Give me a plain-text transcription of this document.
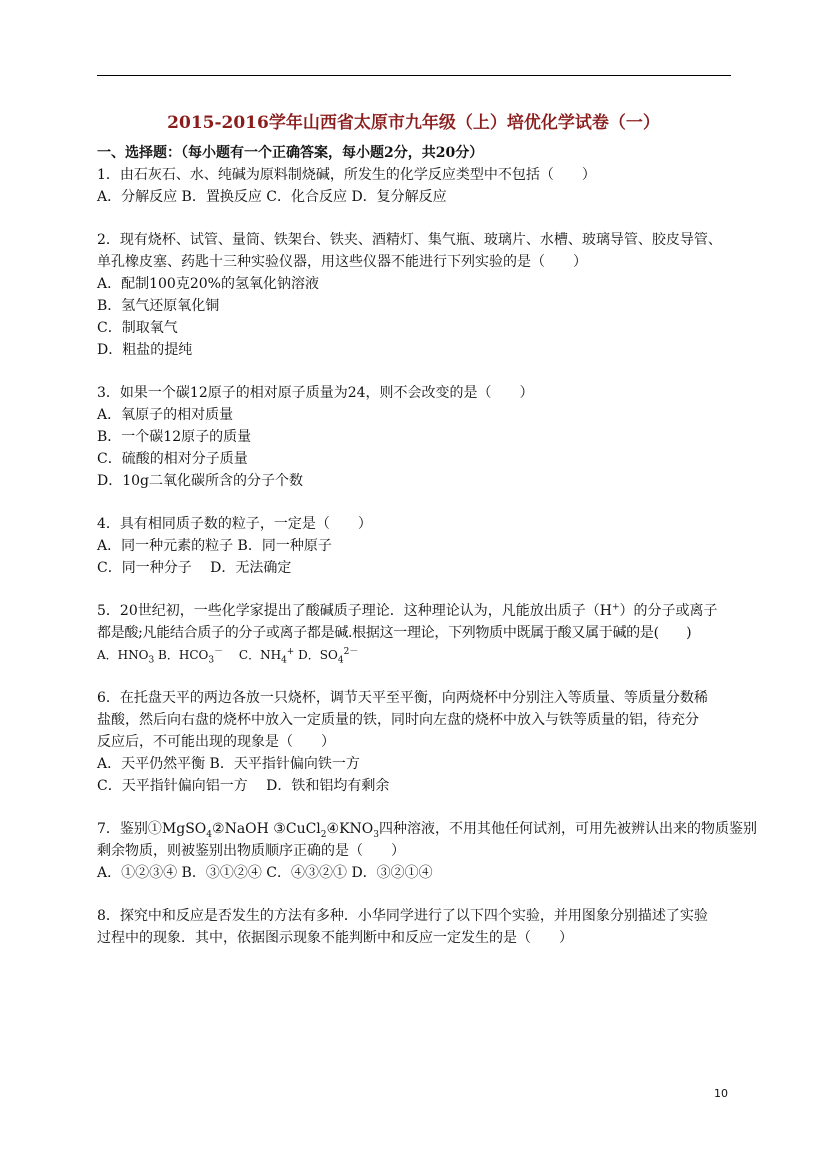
2015-2016学年山西省太原市九年级（上）培优化学试卷（一）
一、选择题：（每小题有一个正确答案，每小题2分，共20分）
1．由石灰石、水、纯碱为原料制烧碱，所发生的化学反应类型中不包括（　　）
A．分解反应 B．置换反应 C．化合反应 D．复分解反应
2．现有烧杯、试管、量筒、铁架台、铁夹、酒精灯、集气瓶、玻璃片、水槽、玻璃导管、胶皮导管、
单孔橡皮塞、药匙十三种实验仪器，用这些仪器不能进行下列实验的是（　　）
A．配制100克20%的氢氧化钠溶液
B．氢气还原氧化铜
C．制取氧气
D．粗盐的提纯
3．如果一个碳12原子的相对原子质量为24，则不会改变的是（　　）
A．氧原子的相对质量
B．一个碳12原子的质量
C．硫酸的相对分子质量
D．10g二氧化碳所含的分子个数
4．具有相同质子数的粒子，一定是（　　）
A．同一种元素的粒子 B．同一种原子
C．同一种分子　 D．无法确定
5．20世纪初，一些化学家提出了酸碱质子理论．这种理论认为，凡能放出质子（H+）的分子或离子
都是酸;凡能结合质子的分子或离子都是碱.根据这一理论，下列物质中既属于酸又属于碱的是(　　)
A．$HNO_3$ B．$HCO_3^-$　 C．$NH_4^+$ D．$SO_4^{2-}$
6．在托盘天平的两边各放一只烧杯，调节天平至平衡，向两烧杯中分别注入等质量、等质量分数稀
盐酸，然后向右盘的烧杯中放入一定质量的铁，同时向左盘的烧杯中放入与铁等质量的铝，待充分
反应后，不可能出现的现象是（　　）
A．天平仍然平衡 B．天平指针偏向铁一方
C．天平指针偏向铝一方　 D．铁和铝均有剩余
7．鉴别①MgSO$_4$②NaOH $③CuCl_2④KNO_3$四种溶液，不用其他任何试剂，可用先被辨认出来的物质鉴别
剩余物质，则被鉴别出物质顺序正确的是（　　）
A．①②③④ B．③①②④ C．④③②① D．③②①④
8．探究中和反应是否发生的方法有多种．小华同学进行了以下四个实验，并用图象分别描述了实验
过程中的现象．其中，依据图示现象不能判断中和反应一定发生的是（　　）
10
